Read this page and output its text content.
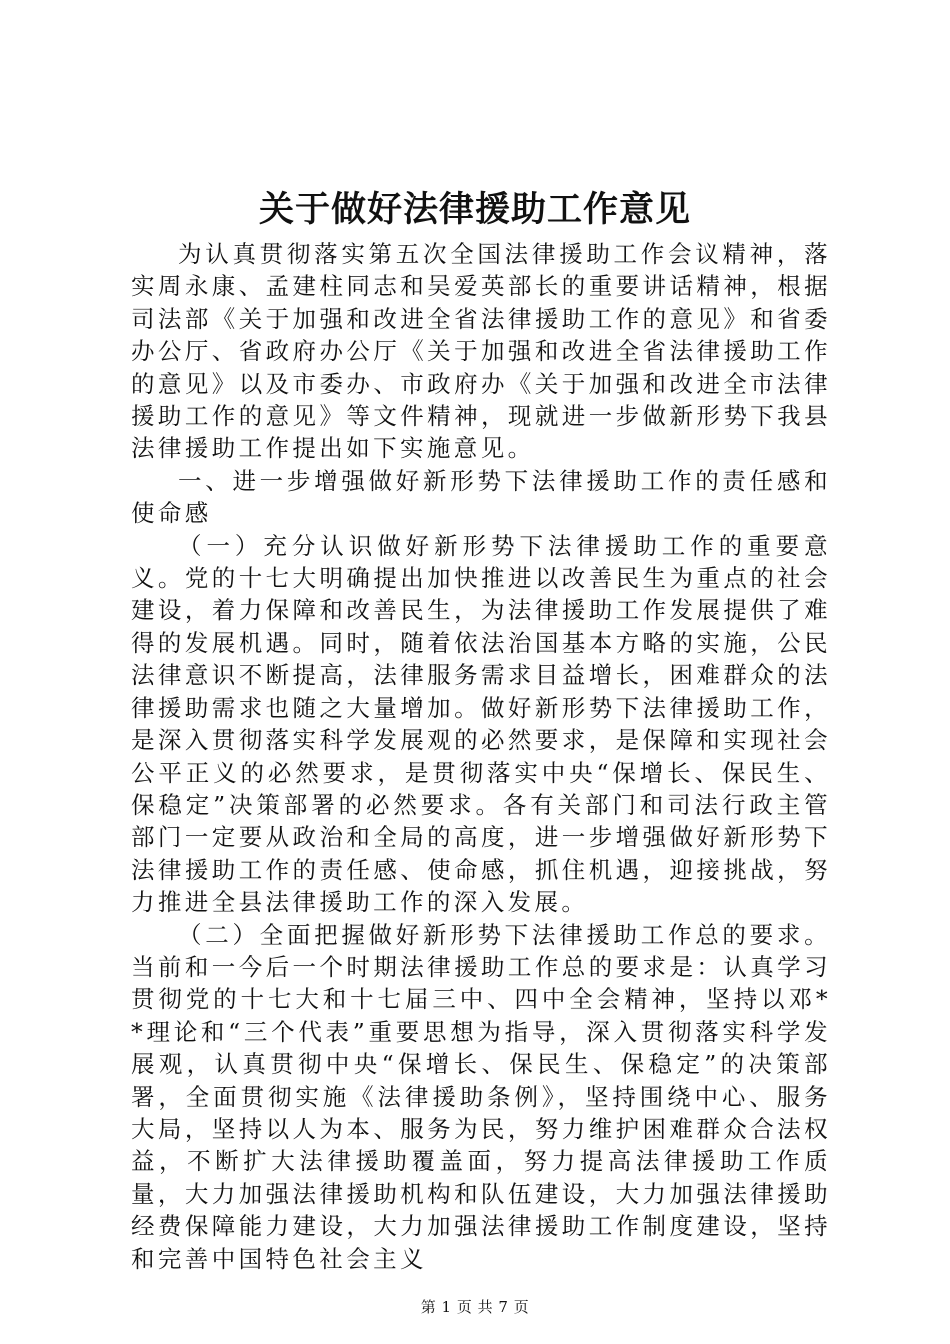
关于做好法律援助工作意见

为认真贯彻落实第五次全国法律援助工作会议精神，落实周永康、孟建柱同志和吴爱英部长的重要讲话精神，根据司法部《关于加强和改进全省法律援助工作的意见》和省委办公厅、省政府办公厅《关于加强和改进全省法律援助工作的意见》以及市委办、市政府办《关于加强和改进全市法律援助工作的意见》等文件精神，现就进一步做新形势下我县法律援助工作提出如下实施意见。

一、进一步增强做好新形势下法律援助工作的责任感和使命感

（一）充分认识做好新形势下法律援助工作的重要意义。党的十七大明确提出加快推进以改善民生为重点的社会建设，着力保障和改善民生，为法律援助工作发展提供了难得的发展机遇。同时，随着依法治国基本方略的实施，公民法律意识不断提高，法律服务需求目益增长，困难群众的法律援助需求也随之大量增加。做好新形势下法律援助工作，是深入贯彻落实科学发展观的必然要求，是保障和实现社会公平正义的必然要求，是贯彻落实中央“保增长、保民生、保稳定”决策部署的必然要求。各有关部门和司法行政主管部门一定要从政治和全局的高度，进一步增强做好新形势下法律援助工作的责任感、使命感，抓住机遇，迎接挑战，努力推进全县法律援助工作的深入发展。

（二）全面把握做好新形势下法律援助工作总的要求。当前和一今后一个时期法律援助工作总的要求是：认真学习贯彻党的十七大和十七届三中、四中全会精神，坚持以邓**理论和“三个代表”重要思想为指导，深入贯彻落实科学发展观，认真贯彻中央“保增长、保民生、保稳定”的决策部署，全面贯彻实施《法律援助条例》，坚持围绕中心、服务大局，坚持以人为本、服务为民，努力维护困难群众合法权益，不断扩大法律援助覆盖面，努力提高法律援助工作质量，大力加强法律援助机构和队伍建设，大力加强法律援助经费保障能力建设，大力加强法律援助工作制度建设，坚持和完善中国特色社会主义

第 1 页 共 7 页
